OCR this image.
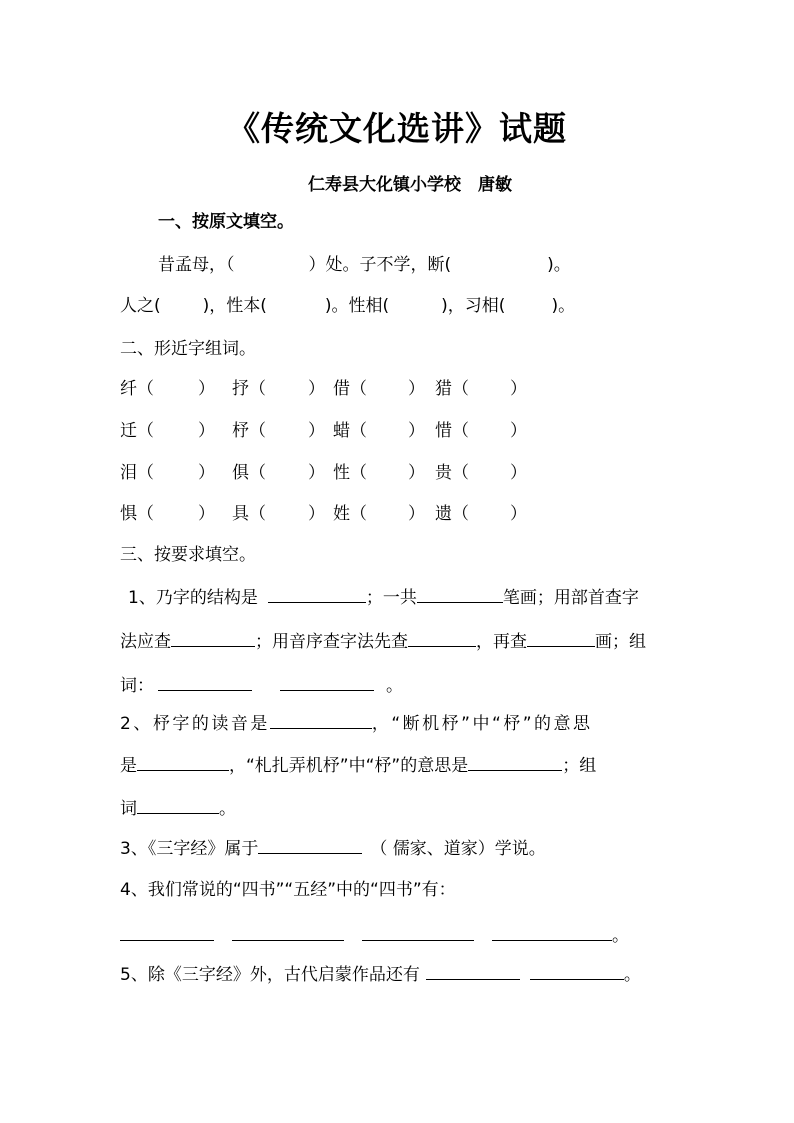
《传统文化选讲》试题
仁寿县大化镇小学校　唐敏
一、按原文填空。
昔孟母，（	）处。子不学，断(	)。
人之( )，性本(	)。性相(	)，习相(	)。
二、形近字组词。
纤（	） 抒（ ） 借（ ） 猎（ ）
迁（	） 杼（ ） 蜡（ ） 惜（ ）
泪（	） 俱（ ） 性（ ） 贵（ ）
惧（	） 具（ ） 姓（ ） 遗（ ）
三、按要求填空。
1、乃字的结构是	；一共	笔画；用部首查字
法应查	；用音序查字法先查	，再查	画；组
词：	。
2、杼字的读音是	，“断机杼”中“杼”的意思
是	，“札扎弄机杼”中“杼”的意思是	；组
词	。
3、《三字经》属于	（ 儒家、道家）学说。
4、我们常说的“四书”“五经”中的“四书”有：
。
5、除《三字经》外，古代启蒙作品还有	。
